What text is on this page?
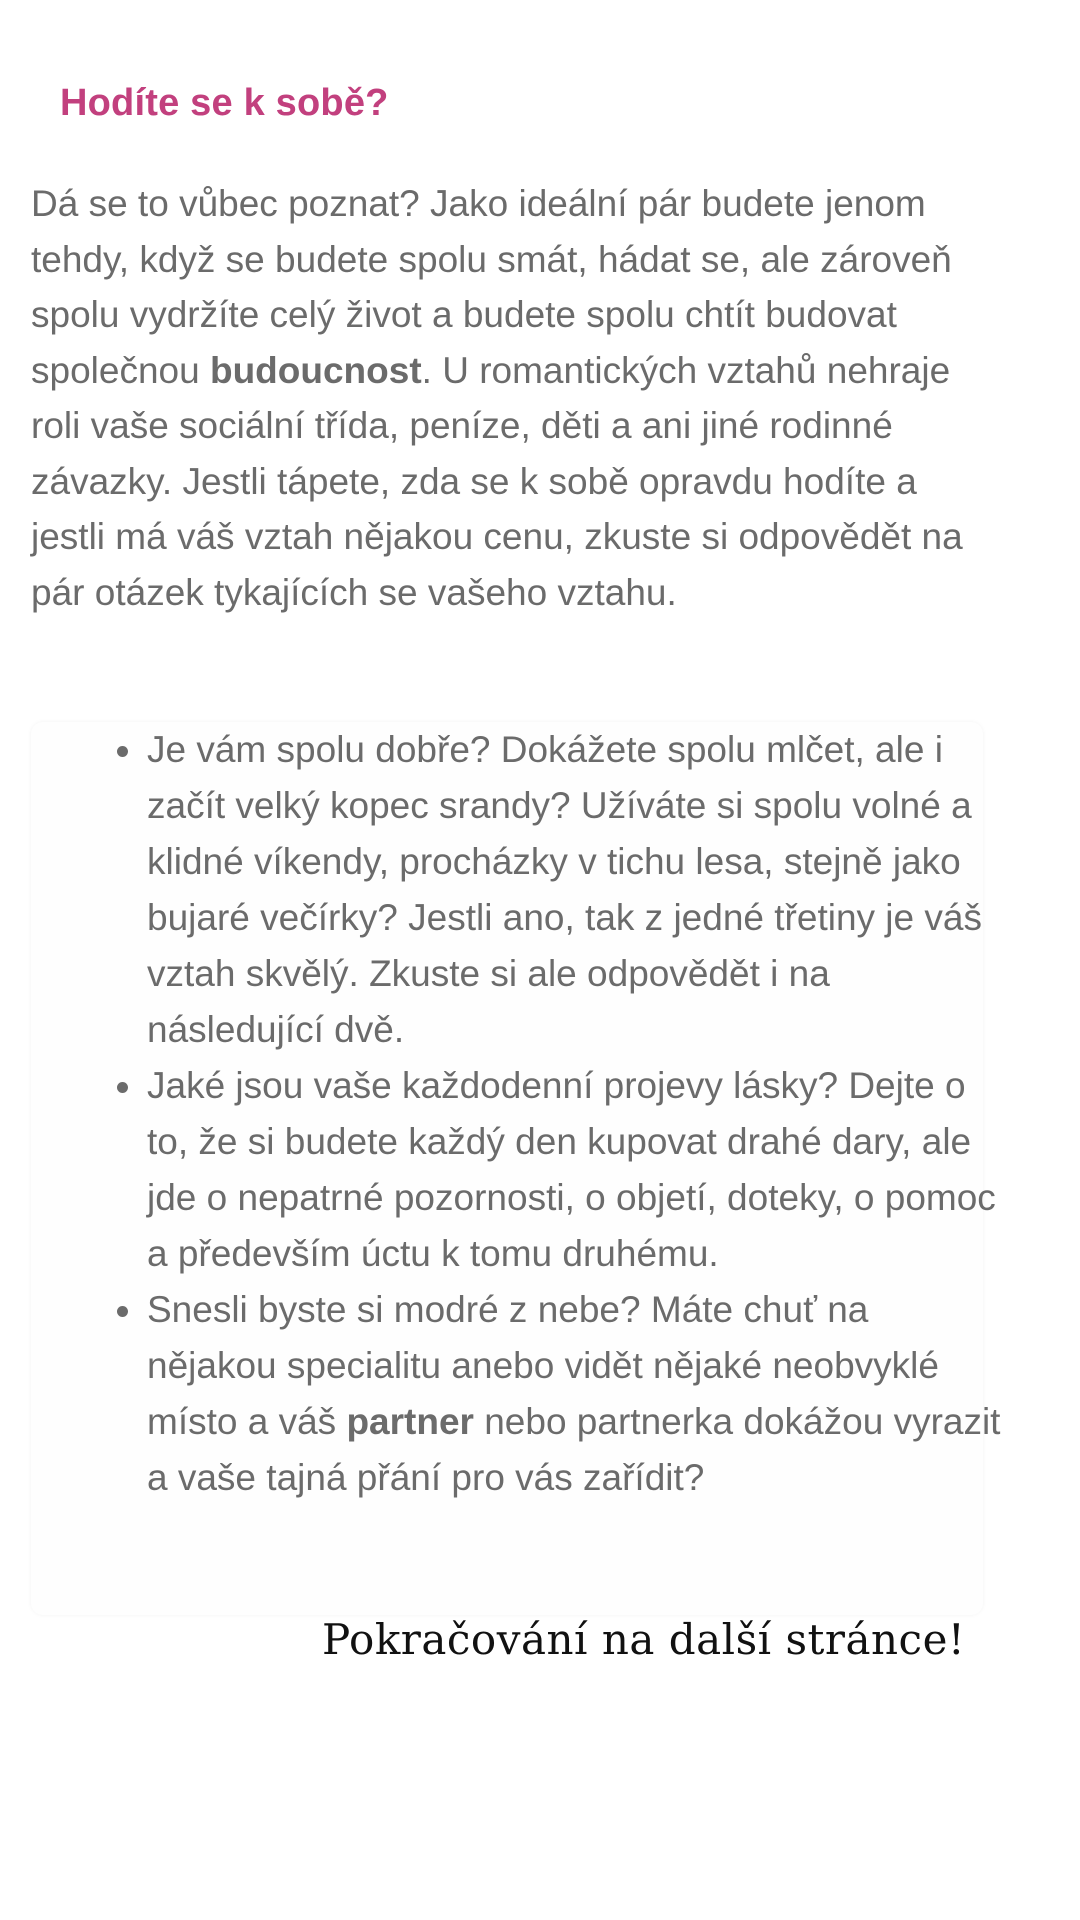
Hodíte se k sobě?

Dá se to vůbec poznat? Jako ideální pár budete jenom tehdy, když se budete spolu smát, hádat se, ale zároveň spolu vydržíte celý život a budete spolu chtít budovat společnou budoucnost. U romantických vztahů nehraje roli vaše sociální třída, peníze, děti a ani jiné rodinné závazky. Jestli tápete, zda se k sobě opravdu hodíte a jestli má váš vztah nějakou cenu, zkuste si odpovědět na pár otázek tykajících se vašeho vztahu.

Je vám spolu dobře? Dokážete spolu mlčet, ale i začít velký kopec srandy? Užíváte si spolu volné a klidné víkendy, procházky v tichu lesa, stejně jako bujaré večírky? Jestli ano, tak z jedné třetiny je váš vztah skvělý. Zkuste si ale odpovědět i na následující dvě.
Jaké jsou vaše každodenní projevy lásky? Dejte o to, že si budete každý den kupovat drahé dary, ale jde o nepatrné pozornosti, o objetí, doteky, o pomoc a především úctu k tomu druhému.
Snesli byste si modré z nebe? Máte chuť na nějakou specialitu anebo vidět nějaké neobvyklé místo a váš partner nebo partnerka dokážou vyrazit a vaše tajná přání pro vás zařídit?

Pokračování na další stránce!
